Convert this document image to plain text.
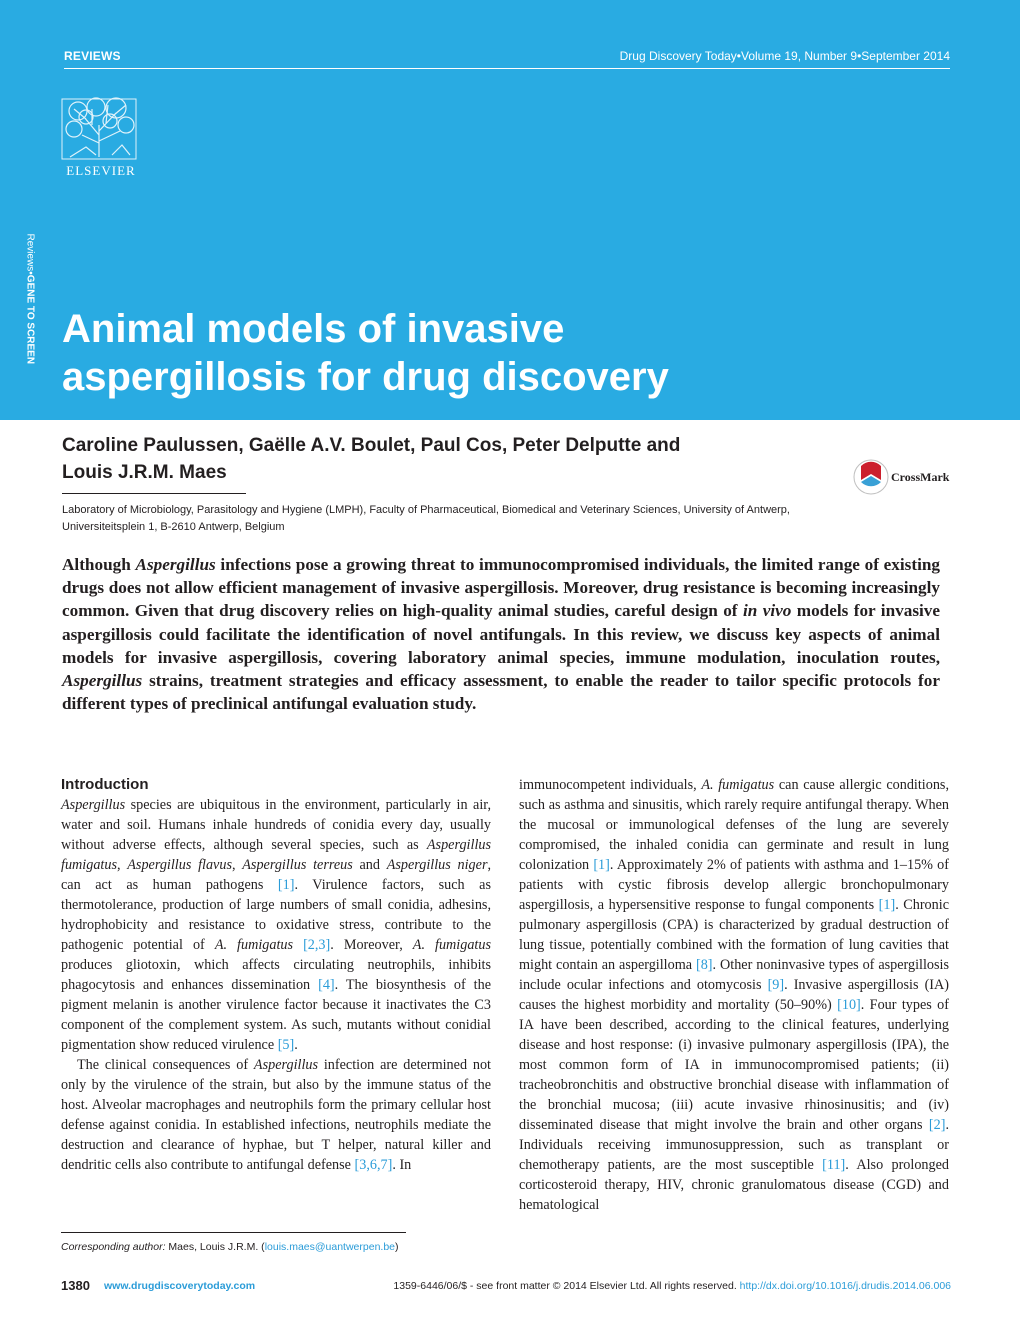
REVIEWS	Drug Discovery Today•Volume 19, Number 9•September 2014
ELSEVIER
Reviews•GENE TO SCREEN Animal models of invasive
aspergillosis for drug discovery

Caroline Paulussen, Gaëlle A.V. Boulet, Paul Cos, Peter Delputte and
Louis J.R.M. Maes	CrossMark

Laboratory of Microbiology, Parasitology and Hygiene (LMPH), Faculty of Pharmaceutical, Biomedical and Veterinary Sciences, University of Antwerp,
Universiteitsplein 1, B-2610 Antwerp, Belgium

Although Aspergillus infections pose a growing threat to immunocompromised individuals, the limited range of existing drugs does not allow efficient management of invasive aspergillosis. Moreover, drug resistance is becoming increasingly common. Given that drug discovery relies on high-quality animal studies, careful design of in vivo models for invasive aspergillosis could facilitate the identification of novel antifungals. In this review, we discuss key aspects of animal models for invasive aspergillosis, covering laboratory animal species, immune modulation, inoculation routes, Aspergillus strains, treatment strategies and efficacy assessment, to enable the reader to tailor specific protocols for different types of preclinical antifungal evaluation study.

Introduction

Aspergillus species are ubiquitous in the environment, particularly in air, water and soil. Humans inhale hundreds of conidia every day, usually without adverse effects, although several species, such as Aspergillus fumigatus, Aspergillus flavus, Aspergillus terreus and Aspergillus niger, can act as human pathogens [1]. Virulence factors, such as thermotolerance, production of large numbers of small conidia, adhesins, hydrophobicity and resistance to oxidative stress, contribute to the pathogenic potential of A. fumigatus [2,3]. Moreover, A. fumigatus produces gliotoxin, which affects circulating neutrophils, inhibits phagocytosis and enhances dissemination [4]. The biosynthesis of the pigment melanin is another virulence factor because it inactivates the C3 component of the complement system. As such, mutants without conidial pigmentation show reduced virulence [5].

The clinical consequences of Aspergillus infection are determined not only by the virulence of the strain, but also by the immune status of the host. Alveolar macrophages and neutrophils form the primary cellular host defense against conidia. In established infections, neutrophils mediate the destruction and clearance of hyphae, but T helper, natural killer and dendritic cells also contribute to antifungal defense [3,6,7]. In

immunocompetent individuals, A. fumigatus can cause allergic conditions, such as asthma and sinusitis, which rarely require antifungal therapy. When the mucosal or immunological defenses of the lung are severely compromised, the inhaled conidia can germinate and result in lung colonization [1]. Approximately 2% of patients with asthma and 1–15% of patients with cystic fibrosis develop allergic bronchopulmonary aspergillosis, a hypersensitive response to fungal components [1]. Chronic pulmonary aspergillosis (CPA) is characterized by gradual destruction of lung tissue, potentially combined with the formation of lung cavities that might contain an aspergilloma [8]. Other noninvasive types of aspergillosis include ocular infections and otomycosis [9]. Invasive aspergillosis (IA) causes the highest morbidity and mortality (50–90%) [10]. Four types of IA have been described, according to the clinical features, underlying disease and host response: (i) invasive pulmonary aspergillosis (IPA), the most common form of IA in immunocompromised patients; (ii) tracheobronchitis and obstructive bronchial disease with inflammation of the bronchial mucosa; (iii) acute invasive rhinosinusitis; and (iv) disseminated disease that might involve the brain and other organs [2]. Individuals receiving immunosuppression, such as transplant or chemotherapy patients, are the most susceptible [11]. Also prolonged corticosteroid therapy, HIV, chronic granulomatous disease (CGD) and hematological

Corresponding author: Maes, Louis J.R.M. (louis.maes@uantwerpen.be)
1380 www.drugdiscoverytoday.com	1359-6446/06/$ - see front matter © 2014 Elsevier Ltd. All rights reserved. http://dx.doi.org/10.1016/j.drudis.2014.06.006
